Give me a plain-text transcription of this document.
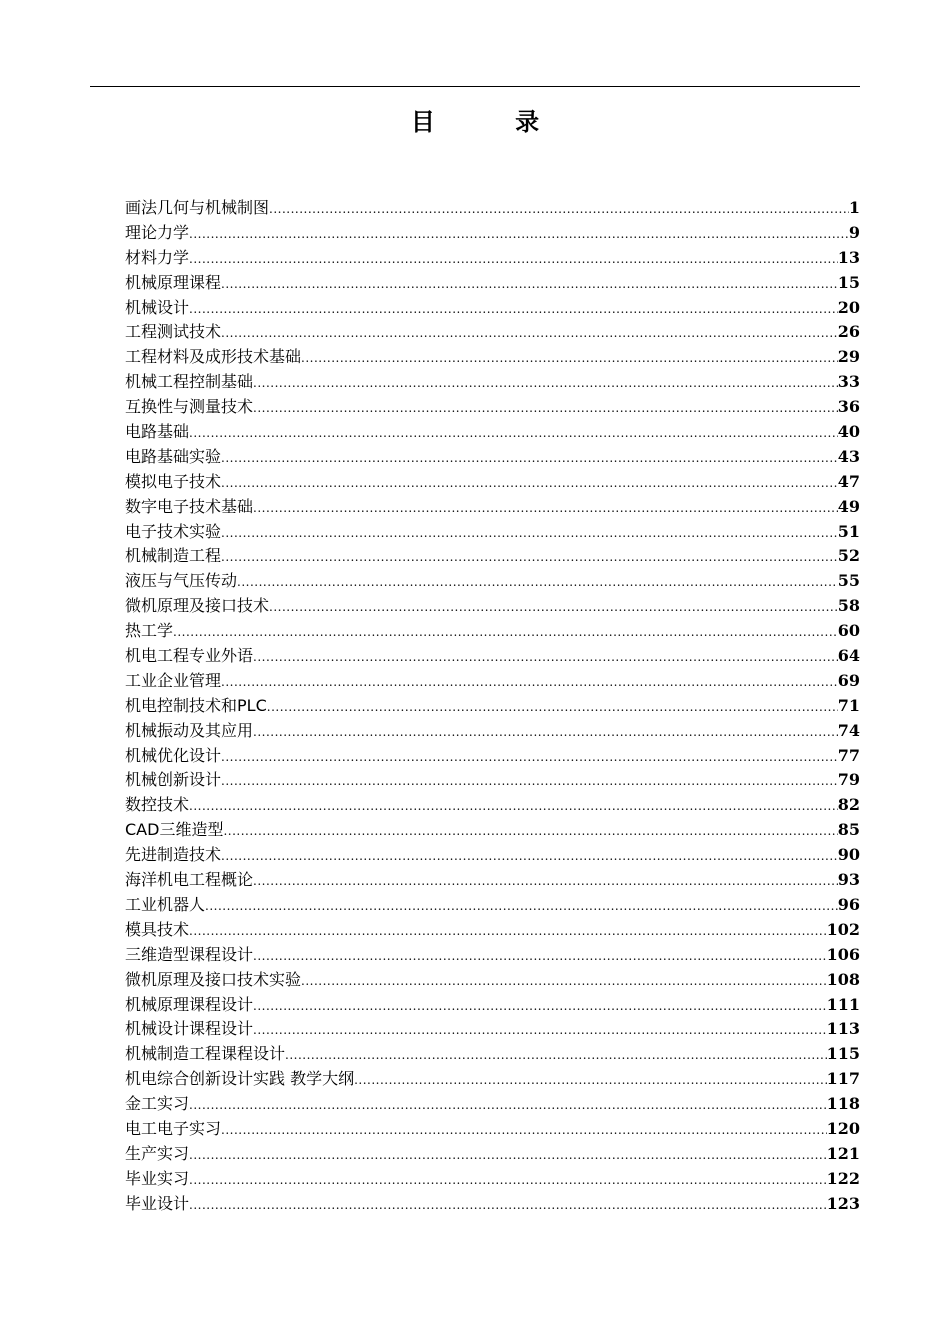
目 录
画法几何与机械制图 .....	1
理论力学 .....	9
材料力学 .....	13
机械原理课程 .....	15
机械设计 .....	20
工程测试技术 .....	26
工程材料及成形技术基础 .....	29
机械工程控制基础 .....	33
互换性与测量技术 .....	36
电路基础 .....	40
电路基础实验 .....	43
模拟电子技术 .....	47
数字电子技术基础 .....	49
电子技术实验 .....	51
机械制造工程 .....	52
液压与气压传动 .....	55
微机原理及接口技术 .....	58
热工学 .....	60
机电工程专业外语 .....	64
工业企业管理 .....	69
机电控制技术和PLC .....	71
机械振动及其应用 .....	74
机械优化设计 .....	77
机械创新设计 .....	79
数控技术 .....	82
CAD三维造型 .....	85
先进制造技术 .....	90
海洋机电工程概论 .....	93
工业机器人 .....	96
模具技术 .....	102
三维造型课程设计 .....	106
微机原理及接口技术实验 .....	108
机械原理课程设计 .....	111
机械设计课程设计 .....	113
机械制造工程课程设计 .....	115
机电综合创新设计实践 教学大纲 .....	117
金工实习 .....	118
电工电子实习 .....	120
生产实习 .....	121
毕业实习 .....	122
毕业设计 .....	123
